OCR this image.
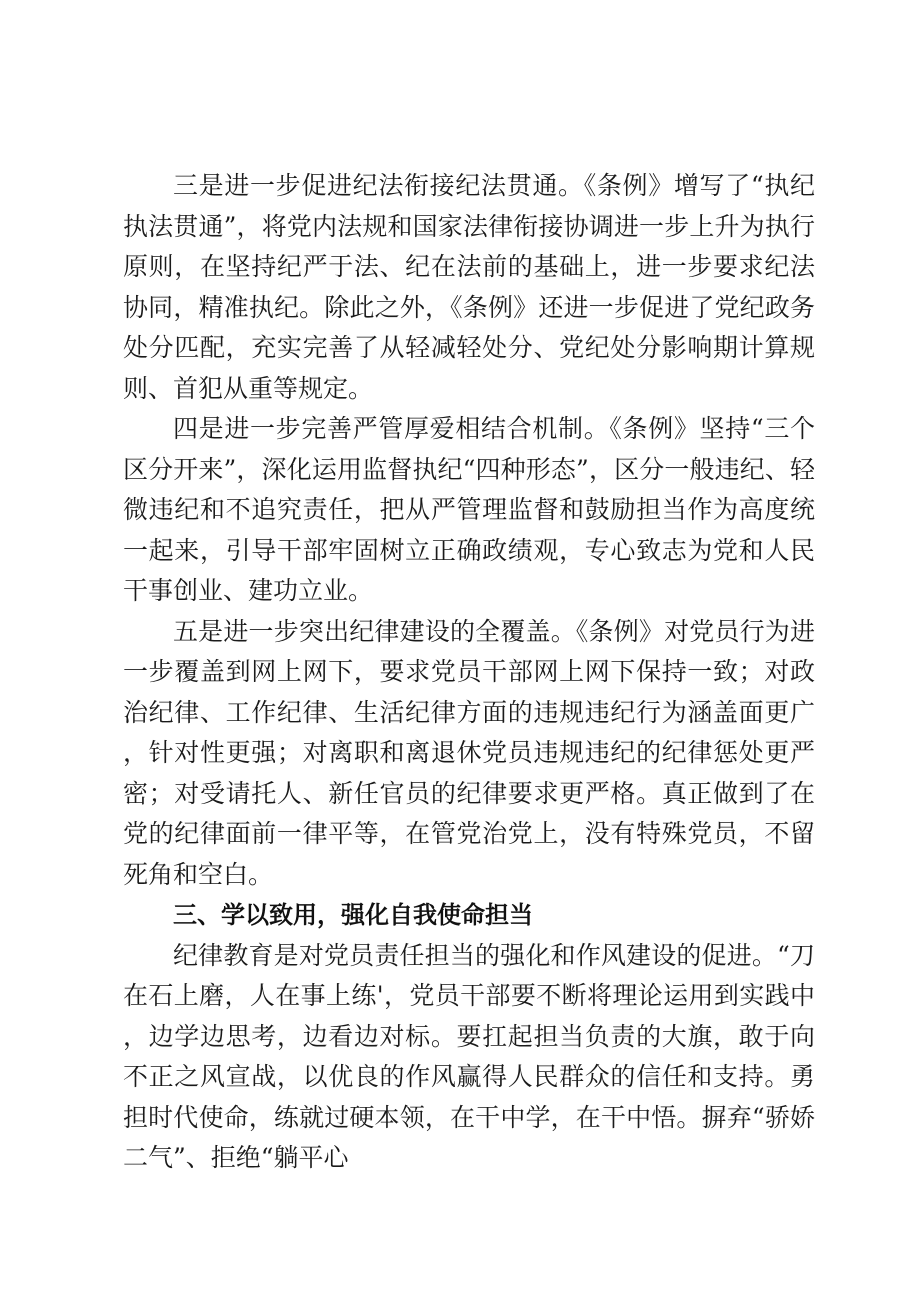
三是进一步促进纪法衔接纪法贯通。《条例》增写了“执纪执法贯通”，将党内法规和国家法律衔接协调进一步上升为执行原则，在坚持纪严于法、纪在法前的基础上，进一步要求纪法协同，精准执纪。除此之外，《条例》还进一步促进了党纪政务处分匹配，充实完善了从轻减轻处分、党纪处分影响期计算规则、首犯从重等规定。

四是进一步完善严管厚爱相结合机制。《条例》坚持“三个区分开来”，深化运用监督执纪“四种形态”，区分一般违纪、轻微违纪和不追究责任，把从严管理监督和鼓励担当作为高度统一起来，引导干部牢固树立正确政绩观，专心致志为党和人民干事创业、建功立业。

五是进一步突出纪律建设的全覆盖。《条例》对党员行为进一步覆盖到网上网下，要求党员干部网上网下保持一致；对政治纪律、工作纪律、生活纪律方面的违规违纪行为涵盖面更广，针对性更强；对离职和离退休党员违规违纪的纪律惩处更严密；对受请托人、新任官员的纪律要求更严格。真正做到了在党的纪律面前一律平等，在管党治党上，没有特殊党员，不留死角和空白。

三、学以致用，强化自我使命担当

纪律教育是对党员责任担当的强化和作风建设的促进。“刀在石上磨，人在事上练'，党员干部要不断将理论运用到实践中，边学边思考，边看边对标。要扛起担当负责的大旗，敢于向不正之风宣战，以优良的作风赢得人民群众的信任和支持。勇担时代使命，练就过硬本领，在干中学，在干中悟。摒弃“骄娇二气”、拒绝“躺平心
